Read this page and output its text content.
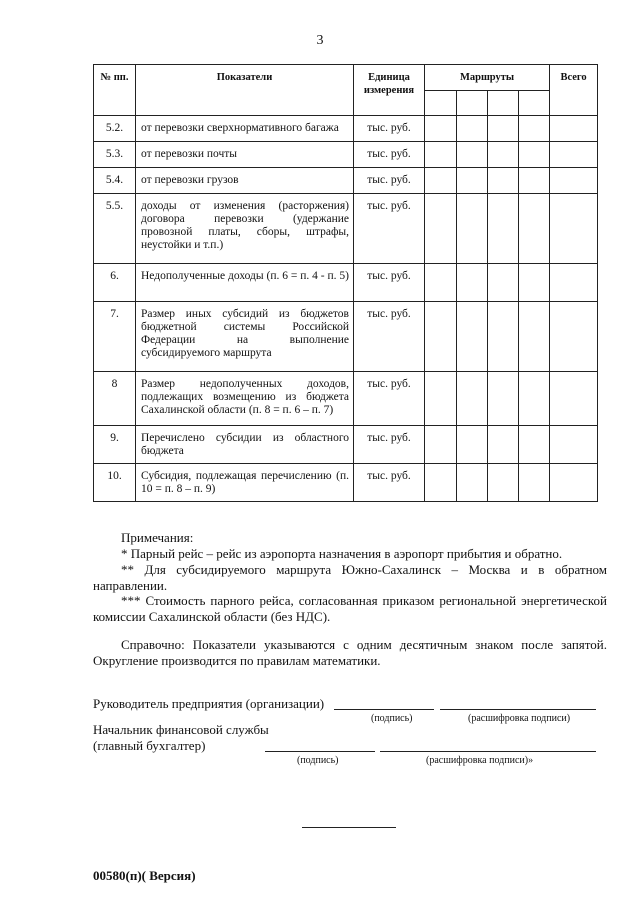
3
№ пп.	Показатели	Единица измерения	Маршруты				Всего

5.2.	от перевозки сверхнормативного багажа	тыс. руб.					
5.3.	от перевозки почты	тыс. руб.					
5.4.	от перевозки грузов	тыс. руб.					
5.5.	доходы от изменения (расторжения) договора перевозки (удержание провозной платы, сборы, штрафы, неустойки и т.п.)	тыс. руб.					
6.	Недополученные доходы (п. 6 = п. 4 - п. 5)	тыс. руб.					
7.	Размер иных субсидий из бюджетов бюджетной системы Российской Федерации на выполнение субсидируемого маршрута	тыс. руб.					
8	Размер недополученных доходов, подлежащих возмещению из бюджета Сахалинской области (п. 8 = п. 6 – п. 7)	тыс. руб.					
9.	Перечислено субсидии из областного бюджета	тыс. руб.					
10.	Субсидия, подлежащая перечислению (п. 10 = п. 8 – п. 9)	тыс. руб.					
Примечания:
* Парный рейс – рейс из аэропорта назначения в аэропорт прибытия и обратно.
** Для субсидируемого маршрута Южно-Сахалинск – Москва и в обратном направлении.
*** Стоимость парного рейса, согласованная приказом региональной энергетической комиссии Сахалинской области (без НДС).
Справочно: Показатели указываются с одним десятичным знаком после запятой. Округление производится по правилам математики.
Руководитель предприятия (организации)
(подпись)	(расшифровка подписи)
Начальник финансовой службы
(главный бухгалтер)
(подпись)	(расшифровка подписи)»
00580(п)( Версия)
